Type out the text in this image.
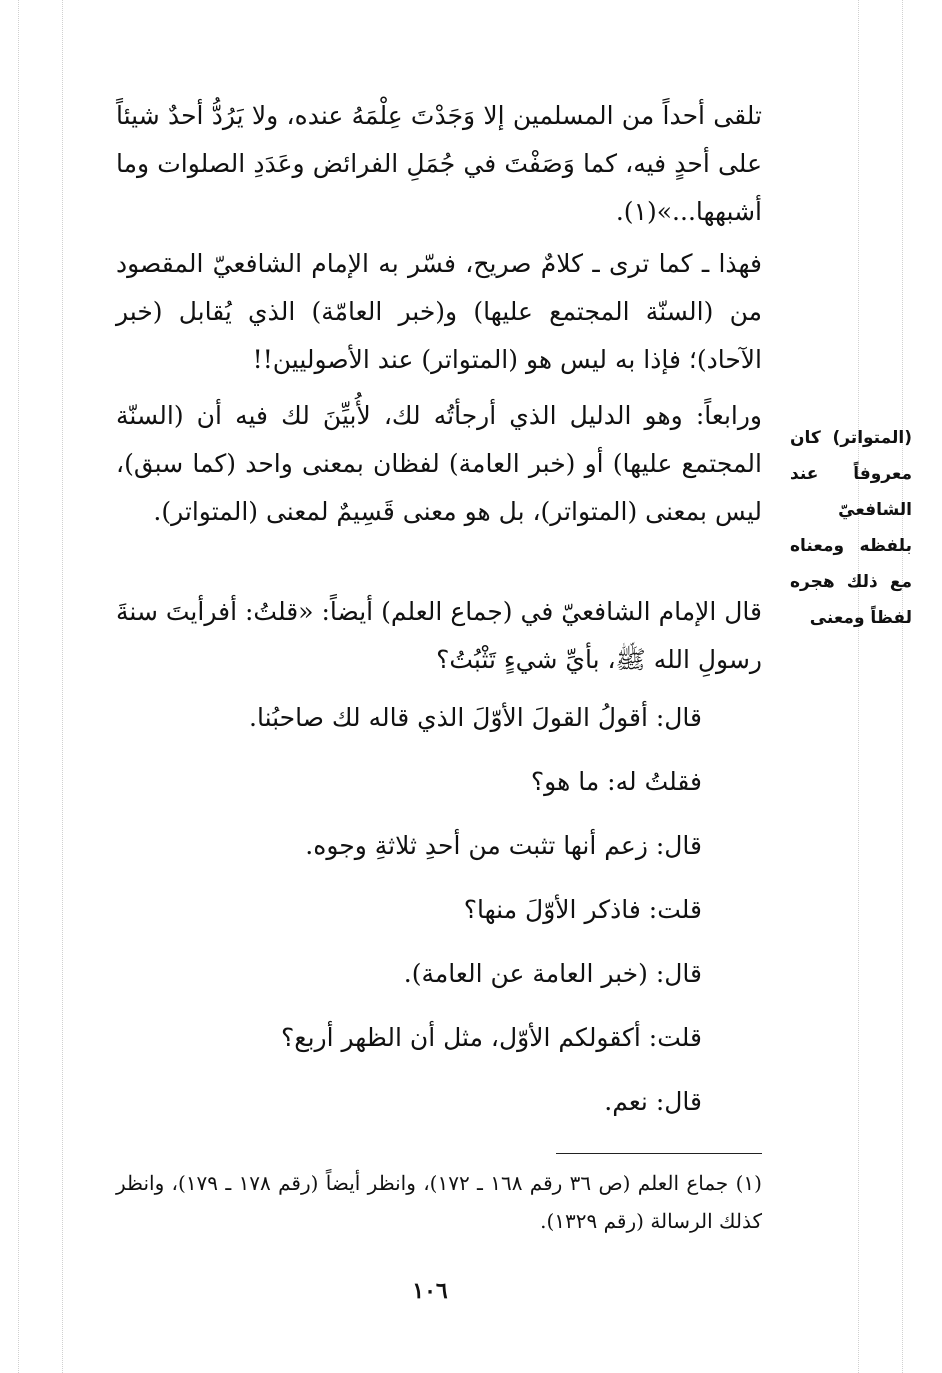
تلقى أحداً من المسلمين إلا وَجَدْتَ عِلْمَهُ عنده، ولا يَرُدُّ أحدٌ شيئاً على أحدٍ فيه، كما وَصَفْتَ في جُمَلِ الفرائض وعَدَدِ الصلوات وما أشبهها...»(١).

فهذا ـ كما ترى ـ كلامٌ صريح، فسّر به الإمام الشافعيّ المقصود من (السنّة المجتمع عليها) و(خبر العامّة) الذي يُقابل (خبر الآحاد)؛ فإذا به ليس هو (المتواتر) عند الأصوليين!!

ورابعاً: وهو الدليل الذي أرجأتُه لك، لأُبيِّنَ لك فيه أن (السنّة المجتمع عليها) أو (خبر العامة) لفظان بمعنى واحد (كما سبق)، ليس بمعنى (المتواتر)، بل هو معنى قَسِيمٌ لمعنى (المتواتر).

قال الإمام الشافعيّ في (جماع العلم) أيضاً: «قلتُ: أفرأيتَ سنةَ رسولِ الله ﷺ، بأيِّ شيءٍ تَثْبُتُ؟

قال: أقولُ القولَ الأوّلَ الذي قاله لك صاحبُنا.
فقلتُ له: ما هو؟
قال: زعم أنها تثبت من أحدِ ثلاثةِ وجوه.
قلت: فاذكر الأوّلَ منها؟
قال: (خبر العامة عن العامة).
قلت: أكقولكم الأوّل، مثل أن الظهر أربع؟
قال: نعم.
(المتواتر) كان معروفاً عند الشافعيّ بلفظه ومعناه مع ذلك هجره لفظاً ومعنى
(١) جماع العلم (ص ٣٦ رقم ١٦٨ ـ ١٧٢)، وانظر أيضاً (رقم ١٧٨ ـ ١٧٩)، وانظر كذلك الرسالة (رقم ١٣٢٩).
١٠٦
